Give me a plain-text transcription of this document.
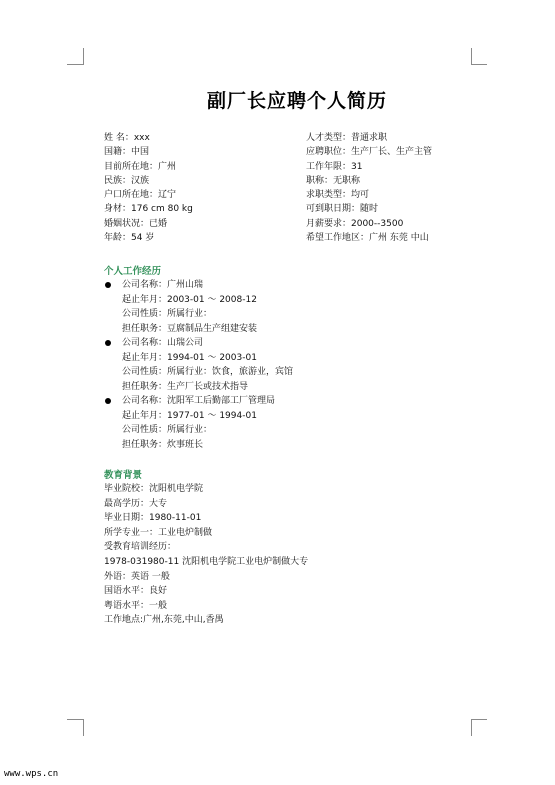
副厂长应聘个人简历
姓 名：xxx
国籍：中国
目前所在地：广州
民族：汉族
户口所在地：辽宁
身材：176 cm 80 kg
婚姻状况：已婚
年龄：54 岁
人才类型：普通求职
应聘职位：生产厂长、生产主管
工作年限：31
职称：无职称
求职类型：均可
可到职日期：随时
月薪要求：2000--3500
希望工作地区：广州 东莞 中山
个人工作经历
公司名称：广州山瑞
起止年月：2003-01 ～ 2008-12
公司性质：所属行业：
担任职务：豆腐制品生产组建安装
公司名称：山瑞公司
起止年月：1994-01 ～ 2003-01
公司性质：所属行业：饮食，旅游业，宾馆
担任职务：生产厂长或技术指导
公司名称：沈阳军工后勤部工厂管理局
起止年月：1977-01 ～ 1994-01
公司性质：所属行业：
担任职务：炊事班长
教育背景
毕业院校：沈阳机电学院
最高学历：大专
毕业日期：1980-11-01
所学专业一：工业电炉制做
受教育培训经历：
1978-031980-11 沈阳机电学院工业电炉制做大专
外语：英语 一般
国语水平：良好
粤语水平：一般
工作地点:广州,东莞,中山,香禺
www.wps.cn
